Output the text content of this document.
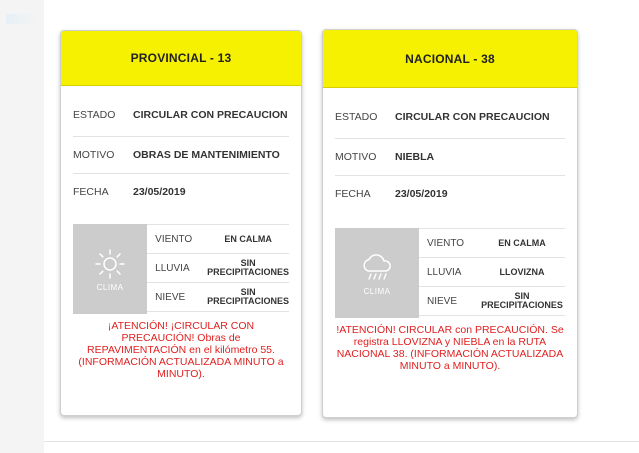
PROVINCIAL - 13
ESTADO	CIRCULAR CON PRECAUCION
MOTIVO	OBRAS DE MANTENIMIENTO
FECHA	23/05/2019
CLIMA
VIENTO	EN CALMA
LLUVIA	SIN PRECIPITACIONES
NIEVE	SIN PRECIPITACIONES
¡ATENCIÓN! ¡CIRCULAR CON PRECAUCIÓN! Obras de REPAVIMENTACIÓN en el kilómetro 55. (INFORMACIÓN ACTUALIZADA MINUTO a MINUTO).
NACIONAL - 38
ESTADO	CIRCULAR CON PRECAUCION
MOTIVO	NIEBLA
FECHA	23/05/2019
CLIMA
VIENTO	EN CALMA
LLUVIA	LLOVIZNA
NIEVE	SIN PRECIPITACIONES
!ATENCIÓN! CIRCULAR con PRECAUCIÓN. Se registra LLOVIZNA y NIEBLA en la RUTA NACIONAL 38. (INFORMACIÓN ACTUALIZADA MINUTO a MINUTO).
